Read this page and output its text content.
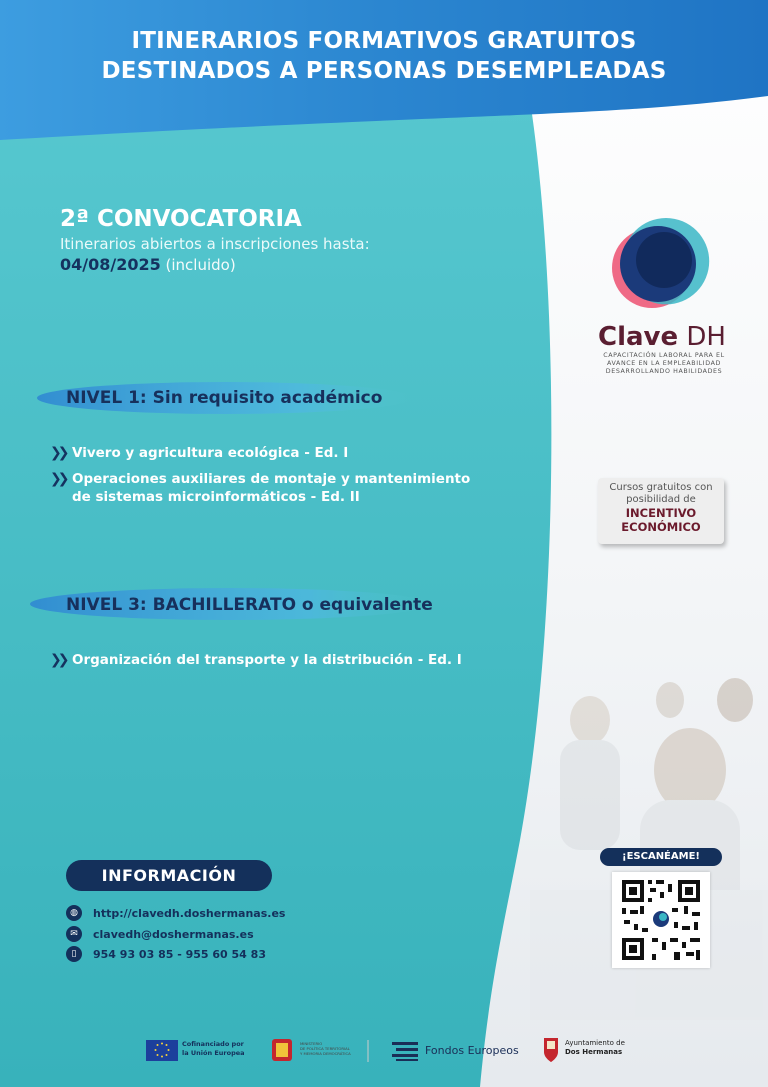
ITINERARIOS FORMATIVOS GRATUITOS
DESTINADOS A PERSONAS DESEMPLEADAS
2ª CONVOCATORIA
Itinerarios abiertos a inscripciones hasta:
04/08/2025 (incluido)
NIVEL 1: Sin requisito académico
❯❯ Vivero y agricultura ecológica - Ed. I
❯❯ Operaciones auxiliares de montaje y mantenimiento
de sistemas microinformáticos - Ed. II
NIVEL 3: BACHILLERATO o equivalente
❯❯ Organización del transporte y la distribución - Ed. I
Clave DH
CAPACITACIÓN LABORAL PARA EL
AVANCE EN LA EMPLEABILIDAD
DESARROLLANDO HABILIDADES
Cursos gratuitos con
posibilidad de
INCENTIVO
ECONÓMICO
INFORMACIÓN
◍	http://clavedh.doshermanas.es
✉	clavedh@doshermanas.es
▯	954 93 03 85 - 955 60 54 83
¡ESCANÉAME!
Cofinanciado por
la Unión Europea
MINISTERIO
DE POLÍTICA TERRITORIAL
Y MEMORIA DEMOCRÁTICA	Fondos Europeos
Ayuntamiento de
Dos Hermanas
